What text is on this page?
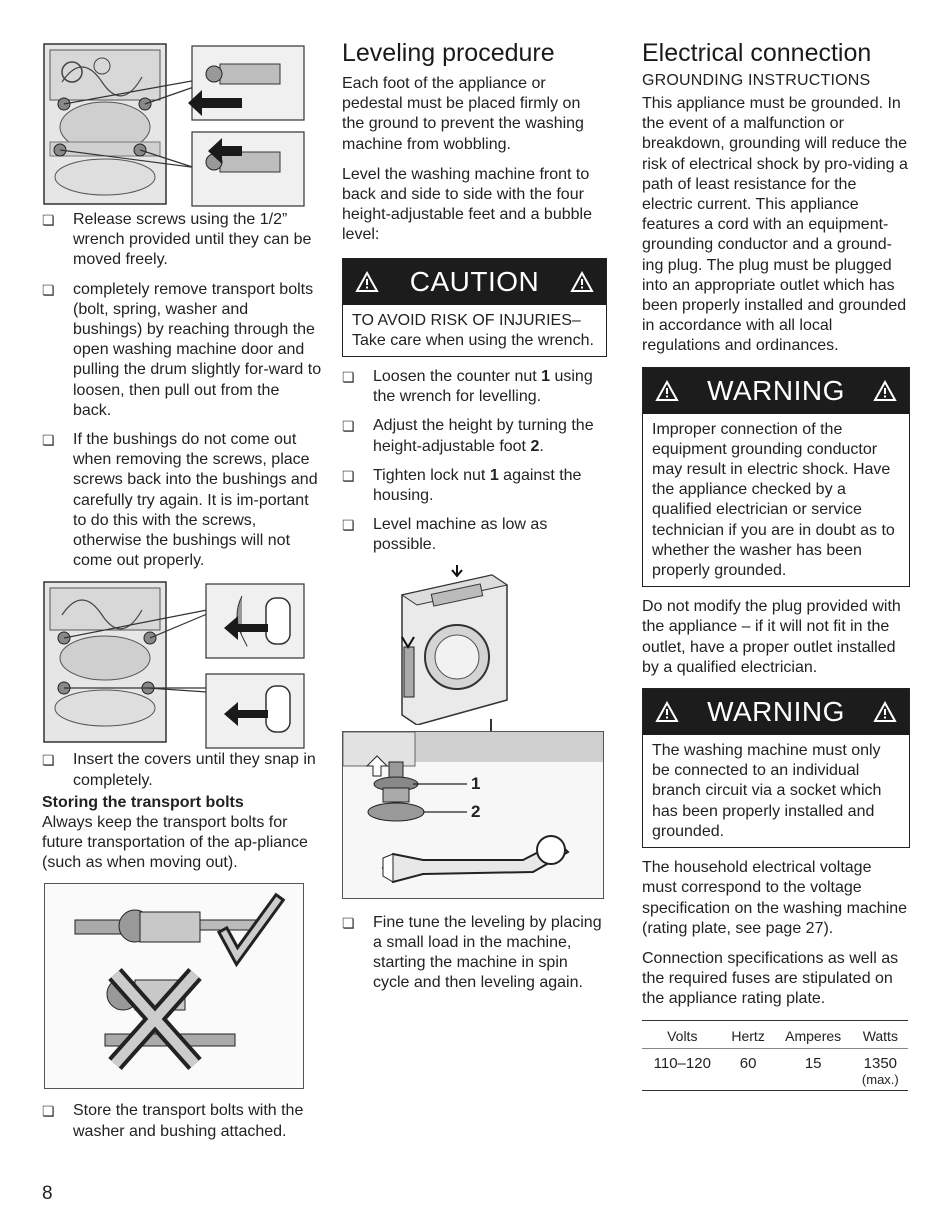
❏ Release screws using the 1/2” wrench provided until they can be moved freely.
❏ completely remove transport bolts (bolt, spring, washer and bushings) by reaching through the open washing machine door and pulling the drum slightly for-ward to loosen, then pull out from the back.
❏ If the bushings do not come out when removing the screws, place screws back into the bushings and carefully try again. It is im-portant to do this with the screws, otherwise the bushings will not come out properly.
❏ Insert the covers until they snap in completely.
Storing the transport bolts

Always keep the transport bolts for future transportation of the ap-pliance (such as when moving out).

❏ Store the transport bolts with the washer and bushing attached.
Leveling procedure

Each foot of the appliance or pedestal must be placed firmly on the ground to prevent the washing machine from wobbling.

Level the washing machine front to back and side to side with the four height-adjustable feet and a bubble level:

CAUTION
TO AVOID RISK OF INJURIES– Take care when using the wrench.
❏ Loosen the counter nut 1 using the wrench for levelling.
❏ Adjust the height by turning the height-adjustable foot 2.
❏ Tighten lock nut 1 against the housing.
❏ Level machine as low as possible.
1
2
❏ Fine tune the leveling by placing a small load in the machine, starting the machine in spin cycle and then leveling again.
Electrical connection
GROUNDING INSTRUCTIONS

This appliance must be grounded. In the event of a malfunction or breakdown, grounding will reduce the risk of electrical shock by pro-viding a path of least resistance for the electric current. This appliance features a cord with an equipment-grounding conductor and a ground-ing plug. The plug must be plugged into an appropriate outlet which has been properly installed and grounded in accordance with all local regulations and ordinances.

WARNING
Improper connection of the equipment grounding conductor may result in electric shock. Have the appliance checked by a qualified electrician or service technician if you are in doubt as to whether the washer has been properly grounded.

Do not modify the plug provided with the appliance – if it will not fit in the outlet, have a proper outlet installed by a qualified electrician.

WARNING
The washing machine must only be connected to an individual branch circuit via a socket which has been properly installed and grounded.

The household electrical voltage must correspond to the voltage specification on the washing machine (rating plate, see page 27).

Connection specifications as well as the required fuses are stipulated on the appliance rating plate.

Volts	Hertz	Amperes	Watts
110–120	60	15	1350
(max.)
8
